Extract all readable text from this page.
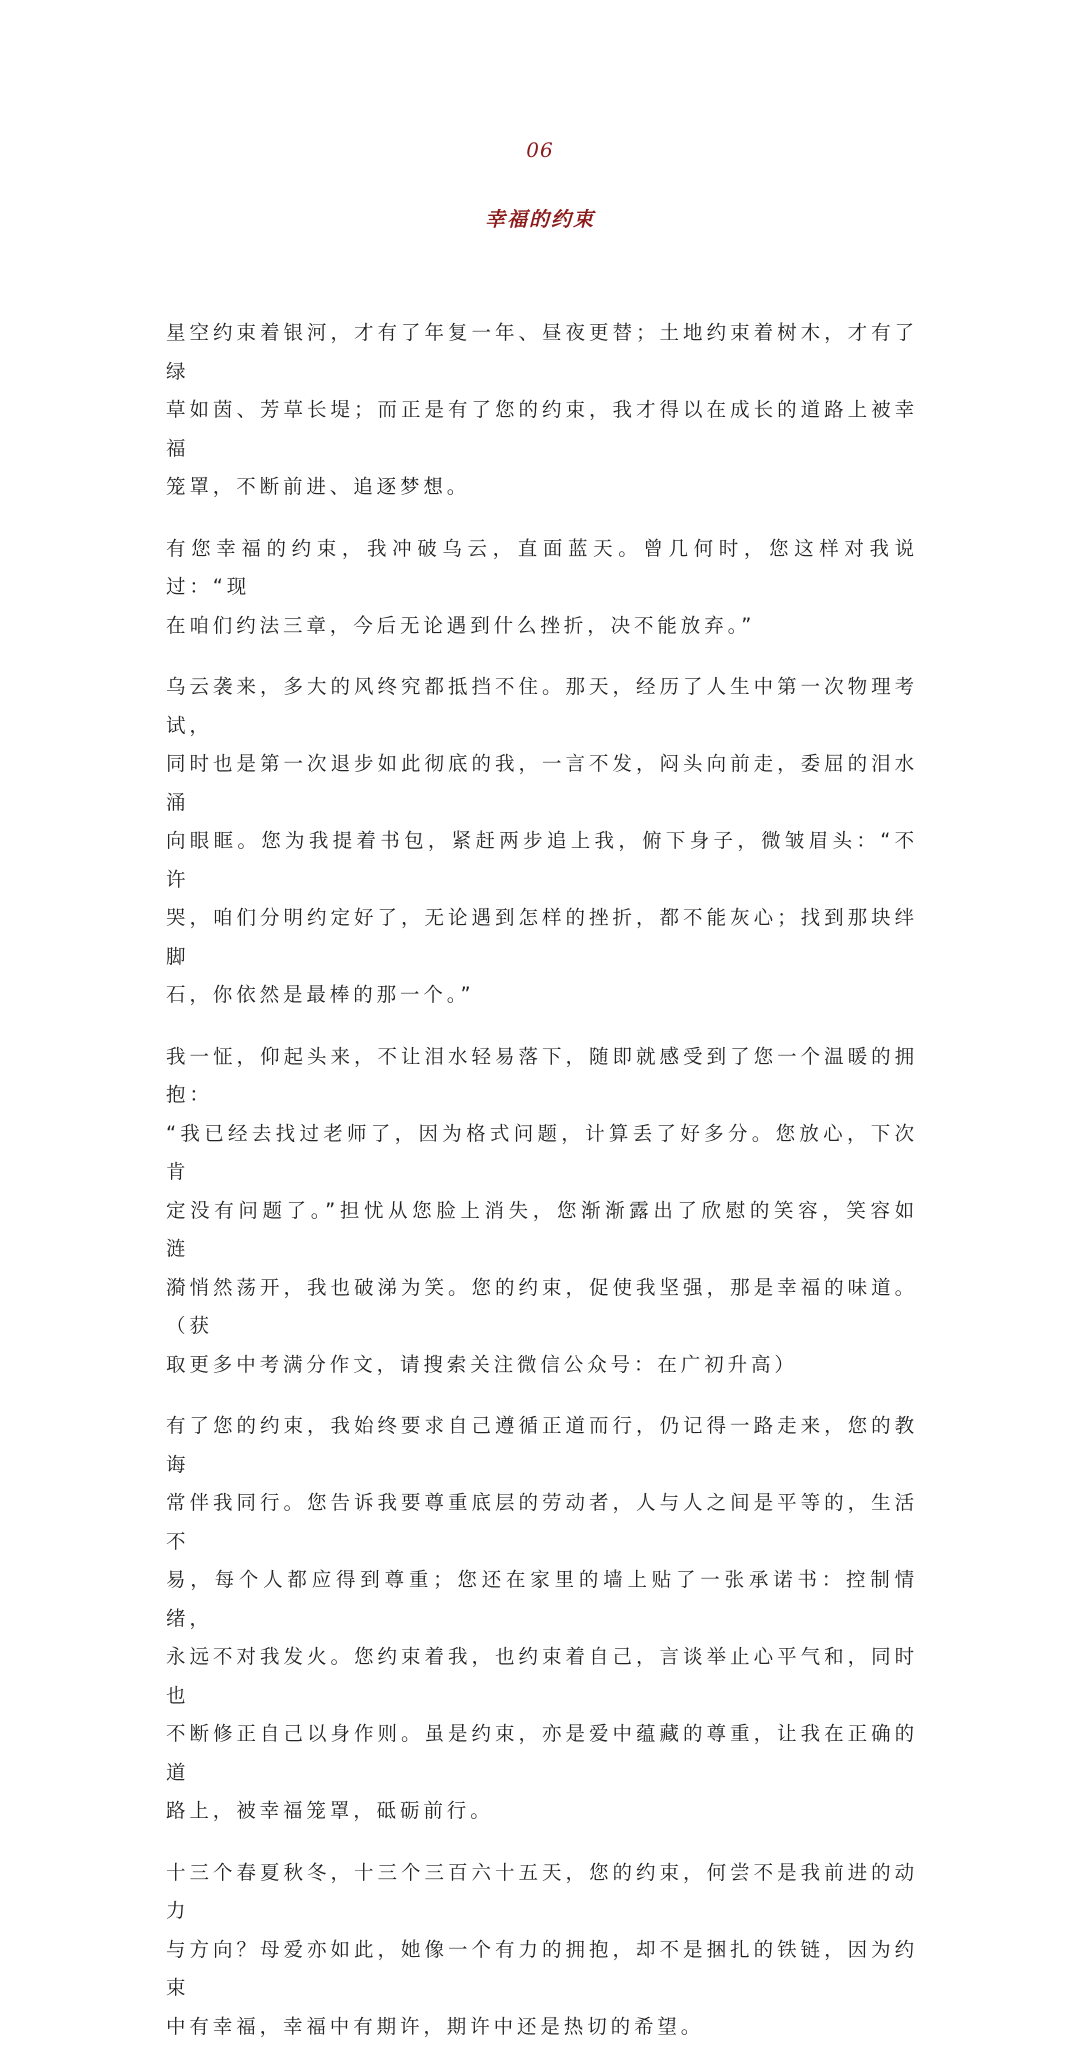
06
幸福的约束

星空约束着银河，才有了年复一年、昼夜更替；土地约束着树木，才有了绿
草如茵、芳草长堤；而正是有了您的约束，我才得以在成长的道路上被幸福
笼罩，不断前进、追逐梦想。

有您幸福的约束，我冲破乌云，直面蓝天。曾几何时，您这样对我说过：“现
在咱们约法三章，今后无论遇到什么挫折，决不能放弃。”

乌云袭来，多大的风终究都抵挡不住。那天，经历了人生中第一次物理考试，
同时也是第一次退步如此彻底的我，一言不发，闷头向前走，委屈的泪水涌
向眼眶。您为我提着书包，紧赶两步追上我，俯下身子，微皱眉头：“不许
哭，咱们分明约定好了，无论遇到怎样的挫折，都不能灰心；找到那块绊脚
石，你依然是最棒的那一个。”

我一怔，仰起头来，不让泪水轻易落下，随即就感受到了您一个温暖的拥抱：
“我已经去找过老师了，因为格式问题，计算丢了好多分。您放心，下次肯
定没有问题了。”担忧从您脸上消失，您渐渐露出了欣慰的笑容，笑容如涟
漪悄然荡开，我也破涕为笑。您的约束，促使我坚强，那是幸福的味道。（获
取更多中考满分作文，请搜索关注微信公众号：在广初升高）

有了您的约束，我始终要求自己遵循正道而行，仍记得一路走来，您的教诲
常伴我同行。您告诉我要尊重底层的劳动者，人与人之间是平等的，生活不
易，每个人都应得到尊重；您还在家里的墙上贴了一张承诺书：控制情绪，
永远不对我发火。您约束着我，也约束着自己，言谈举止心平气和，同时也
不断修正自己以身作则。虽是约束，亦是爱中蕴藏的尊重，让我在正确的道
路上，被幸福笼罩，砥砺前行。

十三个春夏秋冬，十三个三百六十五天，您的约束，何尝不是我前进的动力
与方向？母爱亦如此，她像一个有力的拥抱，却不是捆扎的铁链，因为约束
中有幸福，幸福中有期许，期许中还是热切的希望。
